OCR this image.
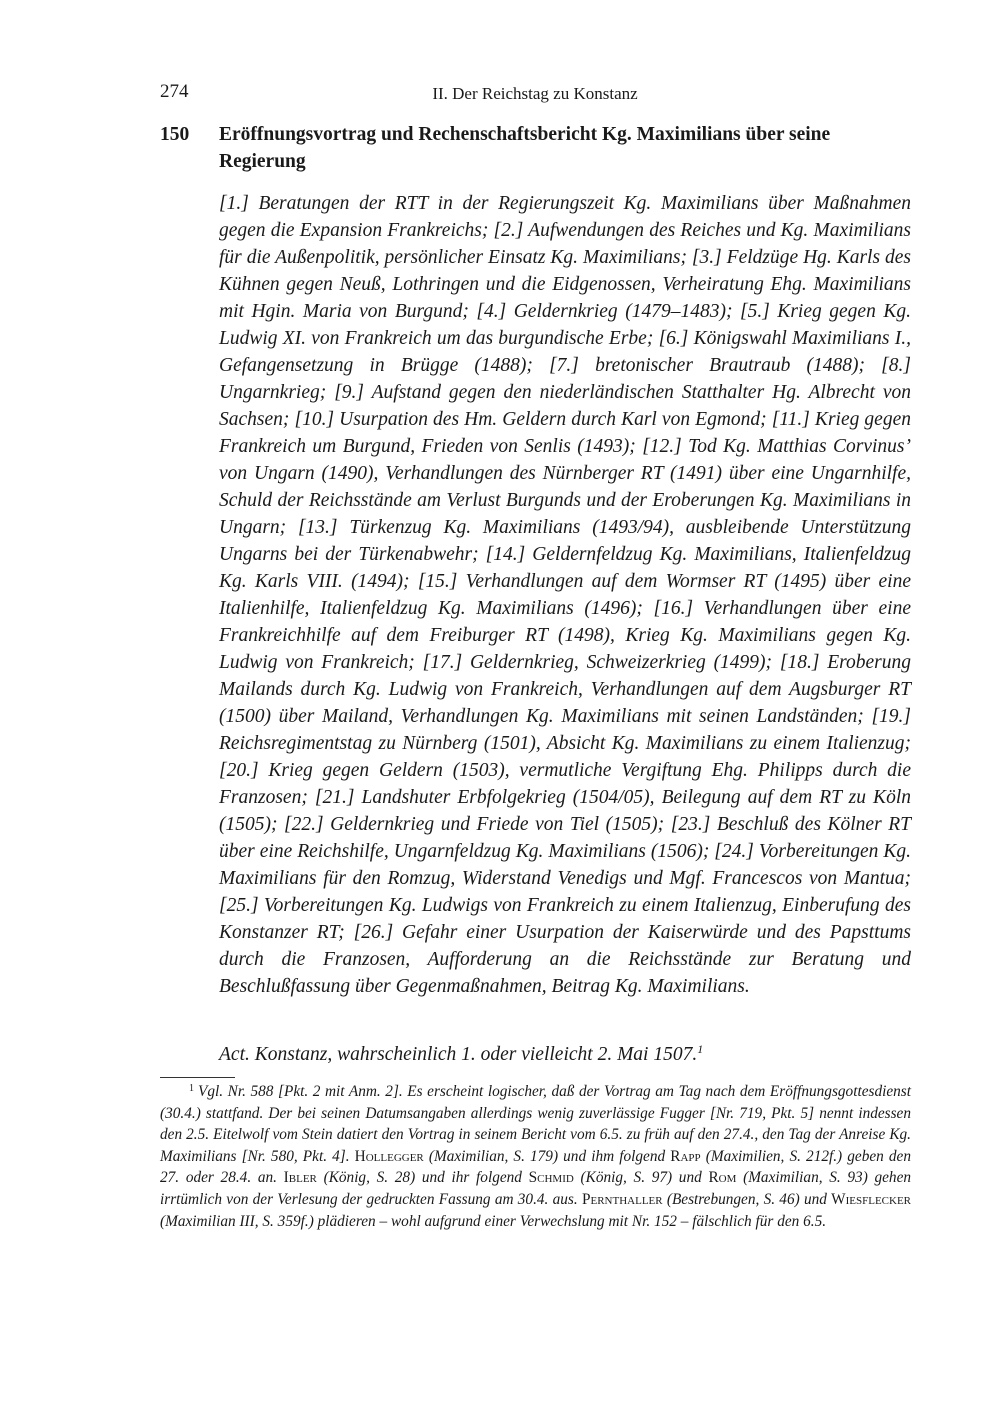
274	II. Der Reichstag zu Konstanz

150 Eröffnungsvortrag und Rechenschaftsbericht Kg. Maximilians über seine Regierung

[1.] Beratungen der RTT in der Regierungszeit Kg. Maximilians über Maßnahmen gegen die Expansion Frankreichs; [2.] Aufwendungen des Reiches und Kg. Maximilians für die Außenpolitik, persönlicher Einsatz Kg. Maximilians; [3.] Feldzüge Hg. Karls des Kühnen gegen Neuß, Lothringen und die Eidgenossen, Verheiratung Ehg. Maximilians mit Hgin. Maria von Burgund; [4.] Geldernkrieg (1479–1483); [5.] Krieg gegen Kg. Ludwig XI. von Frankreich um das burgundische Erbe; [6.] Königswahl Maximilians I., Gefangensetzung in Brügge (1488); [7.] bretonischer Brautraub (1488); [8.] Ungarnkrieg; [9.] Aufstand gegen den niederländischen Statthalter Hg. Albrecht von Sachsen; [10.] Usurpation des Hm. Geldern durch Karl von Egmond; [11.] Krieg gegen Frankreich um Burgund, Frieden von Senlis (1493); [12.] Tod Kg. Matthias Corvinus’ von Ungarn (1490), Verhandlungen des Nürnberger RT (1491) über eine Ungarnhilfe, Schuld der Reichsstände am Verlust Burgunds und der Eroberungen Kg. Maximilians in Ungarn; [13.] Türkenzug Kg. Maximilians (1493/94), ausbleibende Unterstützung Ungarns bei der Türkenabwehr; [14.] Geldernfeldzug Kg. Maximilians, Italienfeldzug Kg. Karls VIII. (1494); [15.] Verhandlungen auf dem Wormser RT (1495) über eine Italienhilfe, Italienfeldzug Kg. Maximilians (1496); [16.] Verhandlungen über eine Frankreichhilfe auf dem Freiburger RT (1498), Krieg Kg. Maximilians gegen Kg. Ludwig von Frankreich; [17.] Geldernkrieg, Schweizerkrieg (1499); [18.] Eroberung Mailands durch Kg. Ludwig von Frankreich, Verhandlungen auf dem Augsburger RT (1500) über Mailand, Verhandlungen Kg. Maximilians mit seinen Landständen; [19.] Reichsregimentstag zu Nürnberg (1501), Absicht Kg. Maximilians zu einem Italienzug; [20.] Krieg gegen Geldern (1503), vermutliche Vergiftung Ehg. Philipps durch die Franzosen; [21.] Landshuter Erbfolgekrieg (1504/05), Beilegung auf dem RT zu Köln (1505); [22.] Geldernkrieg und Friede von Tiel (1505); [23.] Beschluß des Kölner RT über eine Reichshilfe, Ungarnfeldzug Kg. Maximilians (1506); [24.] Vorbereitungen Kg. Maximilians für den Romzug, Widerstand Venedigs und Mgf. Francescos von Mantua; [25.] Vorbereitungen Kg. Ludwigs von Frankreich zu einem Italienzug, Einberufung des Konstanzer RT; [26.] Gefahr einer Usurpation der Kaiserwürde und des Papsttums durch die Franzosen, Aufforderung an die Reichsstände zur Beratung und Beschlußfassung über Gegenmaßnahmen, Beitrag Kg. Maximilians.

Act. Konstanz, wahrscheinlich 1. oder vielleicht 2. Mai 1507.$^1$

$^1$ Vgl. Nr. 588 [Pkt. 2 mit Anm. 2]. Es erscheint logischer, daß der Vortrag am Tag nach dem Eröffnungsgottesdienst (30.4.) stattfand. Der bei seinen Datumsangaben allerdings wenig zuverlässige Fugger [Nr. 719, Pkt. 5] nennt indessen den 2.5. Eitelwolf vom Stein datiert den Vortrag in seinem Bericht vom 6.5. zu früh auf den 27.4., den Tag der Anreise Kg. Maximilians [Nr. 580, Pkt. 4]. Hollegger (Maximilian, S. 179) und ihm folgend Rapp (Maximilien, S. 212f.) geben den 27. oder 28.4. an. Ibler (König, S. 28) und ihr folgend Schmid (König, S. 97) und Rom (Maximilian, S. 93) gehen irrtümlich von der Verlesung der gedruckten Fassung am 30.4. aus. Pernthaller (Bestrebungen, S. 46) und Wiesflecker (Maximilian III, S. 359f.) plädieren – wohl aufgrund einer Verwechslung mit Nr. 152 – fälschlich für den 6.5.
